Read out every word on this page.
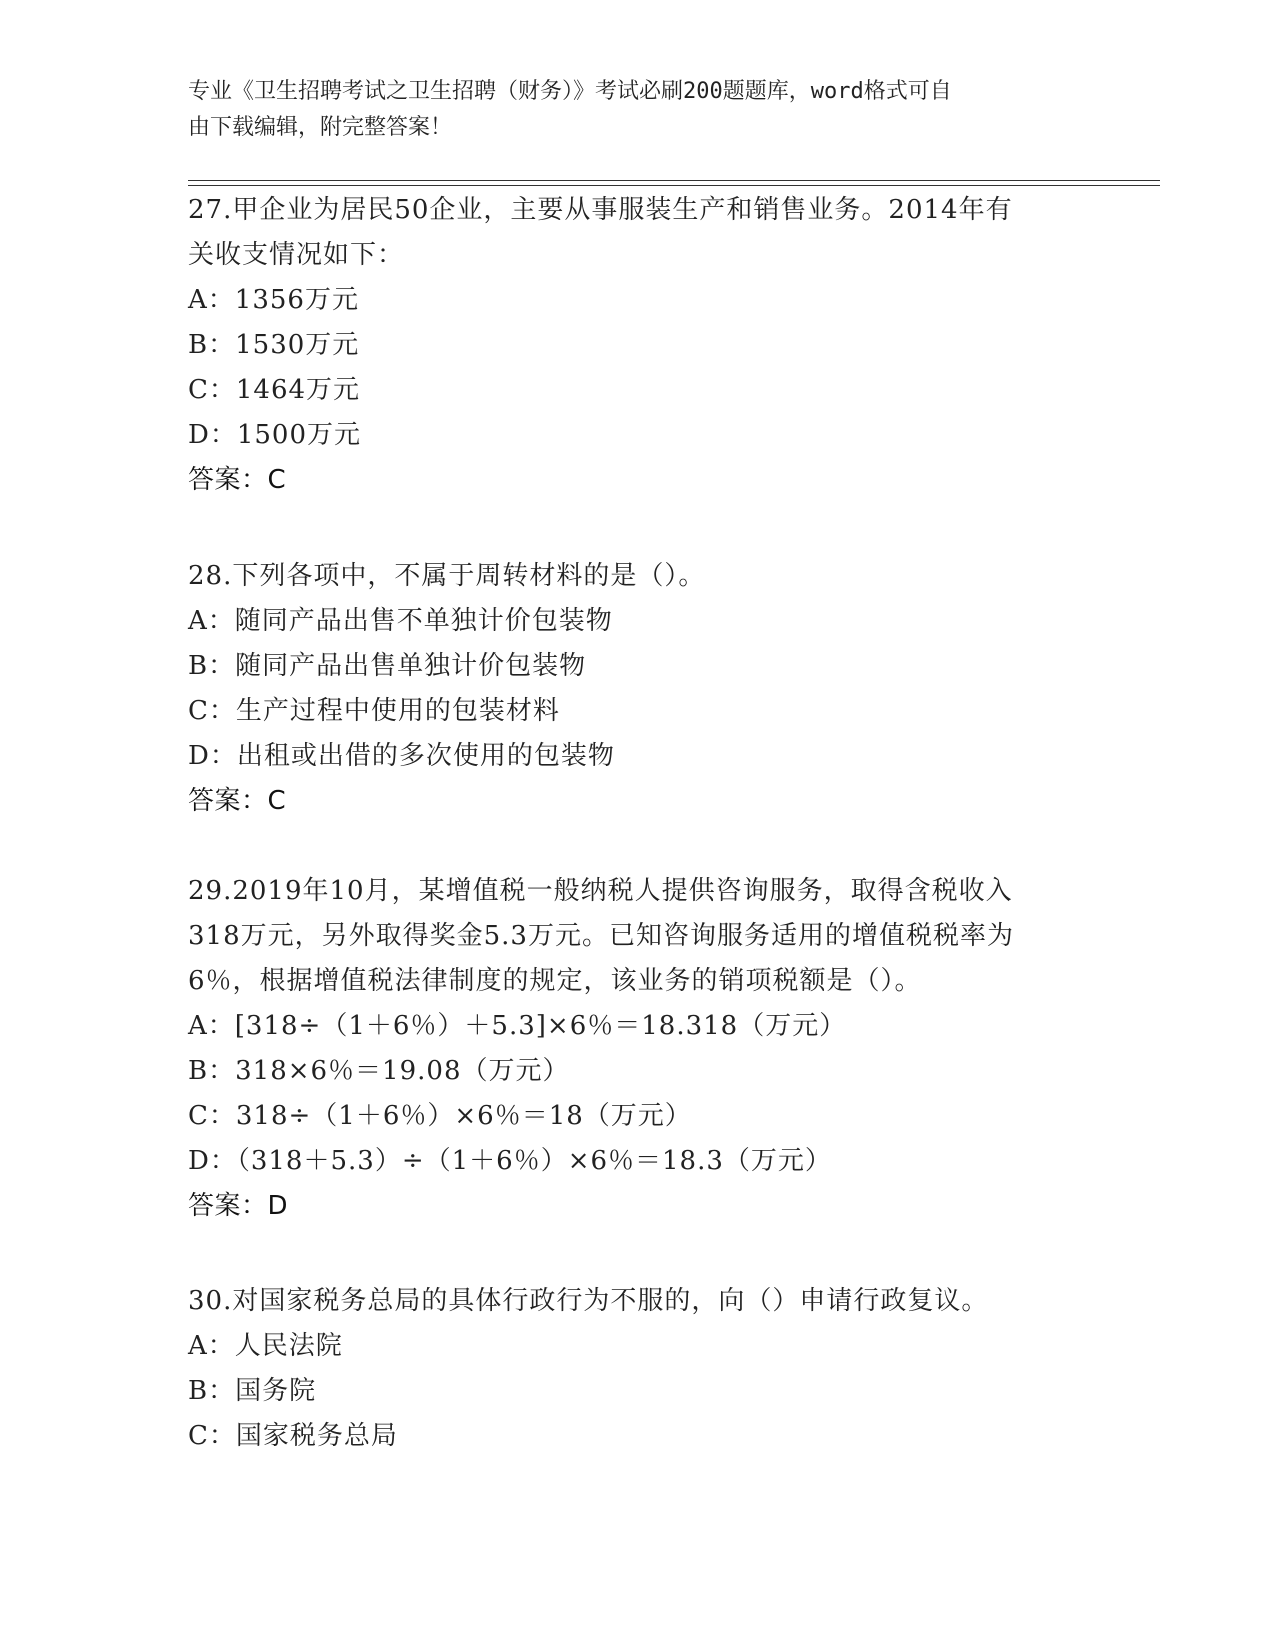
专业《卫生招聘考试之卫生招聘（财务）》考试必刷200题题库，word格式可自
由下载编辑，附完整答案！
27.甲企业为居民50企业，主要从事服装生产和销售业务。2014年有
关收支情况如下：
A：1356万元
B：1530万元
C：1464万元
D：1500万元
答案：C
28.下列各项中，不属于周转材料的是（）。
A：随同产品出售不单独计价包装物
B：随同产品出售单独计价包装物
C：生产过程中使用的包装材料
D：出租或出借的多次使用的包装物
答案：C
29.2019年10月，某增值税一般纳税人提供咨询服务，取得含税收入
318万元，另外取得奖金5.3万元。已知咨询服务适用的增值税税率为
6％，根据增值税法律制度的规定，该业务的销项税额是（）。
A：[318÷（1＋6％）＋5.3]×6％＝18.318（万元）
B：318×6％＝19.08（万元）
C：318÷（1＋6％）×6％＝18（万元）
D：（318＋5.3）÷（1＋6％）×6％＝18.3（万元）
答案：D
30.对国家税务总局的具体行政行为不服的，向（）申请行政复议。
A：人民法院
B：国务院
C：国家税务总局
